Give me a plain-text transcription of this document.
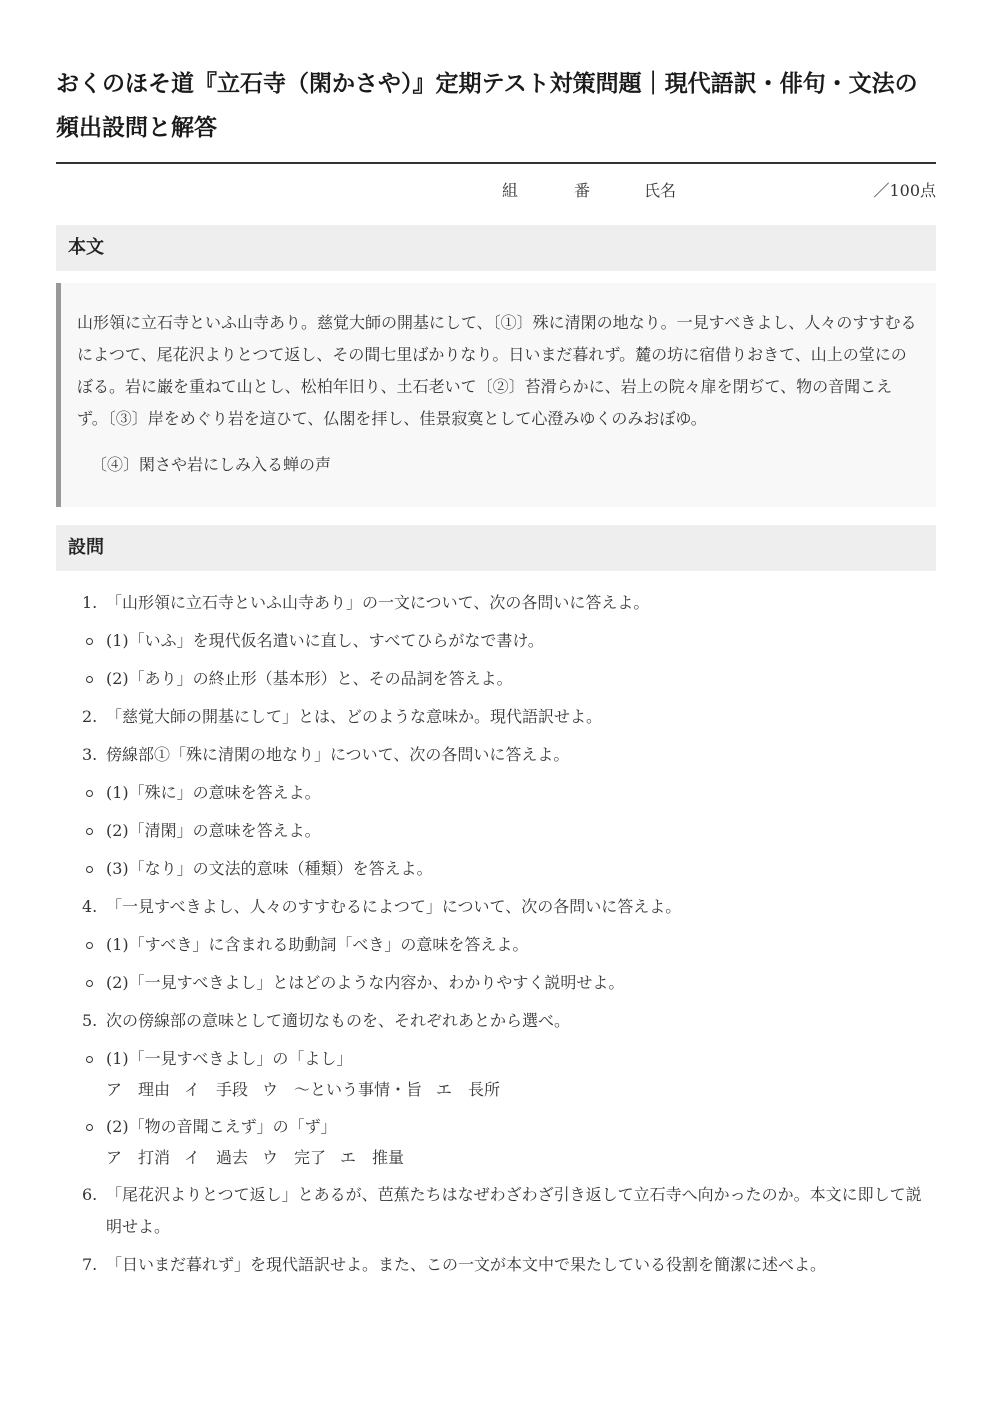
おくのほそ道『立石寺（閑かさや）』定期テスト対策問題｜現代語訳・俳句・文法の頻出設問と解答
組	番	氏名	／100点
本文

山形領に立石寺といふ山寺あり。慈覚大師の開基にして、〔①〕殊に清閑の地なり。一見すべきよし、人々のすすむるによつて、尾花沢よりとつて返し、その間七里ばかりなり。日いまだ暮れず。麓の坊に宿借りおきて、山上の堂にのぼる。岩に巌を重ねて山とし、松柏年旧り、土石老いて〔②〕苔滑らかに、岩上の院々扉を閉ぢて、物の音聞こえず。〔③〕岸をめぐり岩を這ひて、仏閣を拝し、佳景寂寞として心澄みゆくのみおぼゆ。

〔④〕閑さや岩にしみ入る蝉の声

設問
1. 「山形領に立石寺といふ山寺あり」の一文について、次の各問いに答えよ。
(1)「いふ」を現代仮名遣いに直し、すべてひらがなで書け。
(2)「あり」の終止形（基本形）と、その品詞を答えよ。
2. 「慈覚大師の開基にして」とは、どのような意味か。現代語訳せよ。
3. 傍線部①「殊に清閑の地なり」について、次の各問いに答えよ。
(1)「殊に」の意味を答えよ。
(2)「清閑」の意味を答えよ。
(3)「なり」の文法的意味（種類）を答えよ。
4. 「一見すべきよし、人々のすすむるによつて」について、次の各問いに答えよ。
(1)「すべき」に含まれる助動詞「べき」の意味を答えよ。
(2)「一見すべきよし」とはどのような内容か、わかりやすく説明せよ。
5. 次の傍線部の意味として適切なものを、それぞれあとから選べ。
(1)「一見すべきよし」の「よし」
ア　理由 イ　手段 ウ　〜という事情・旨 エ　長所
(2)「物の音聞こえず」の「ず」
ア　打消 イ　過去 ウ　完了 エ　推量
6. 「尾花沢よりとつて返し」とあるが、芭蕉たちはなぜわざわざ引き返して立石寺へ向かったのか。本文に即して説明せよ。
7. 「日いまだ暮れず」を現代語訳せよ。また、この一文が本文中で果たしている役割を簡潔に述べよ。
